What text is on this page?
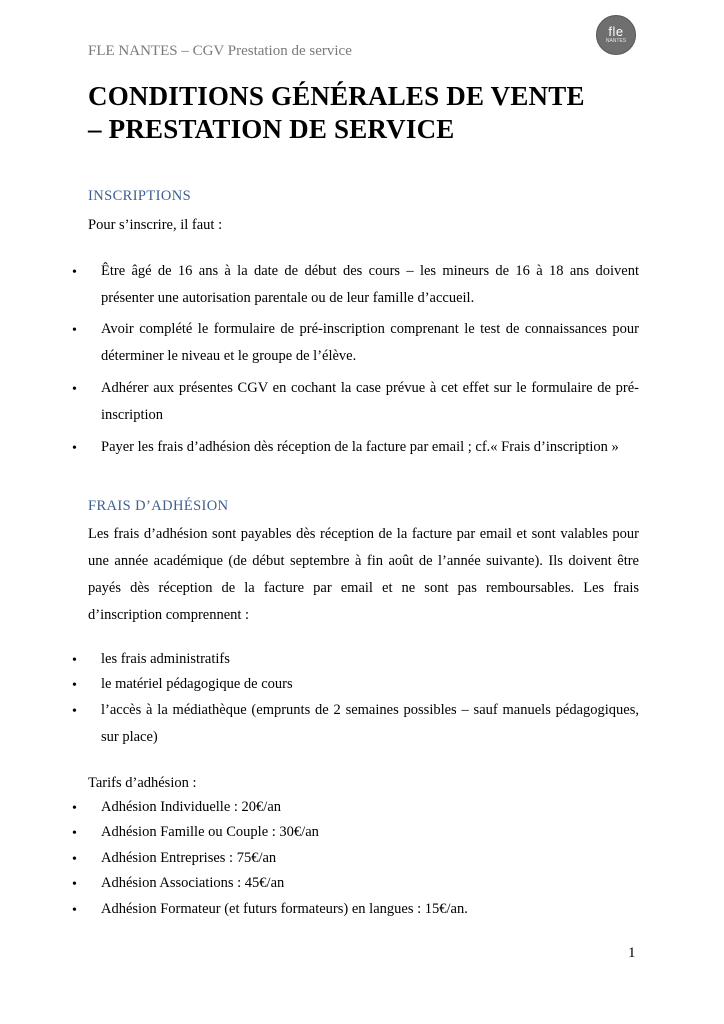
FLE NANTES – CGV Prestation de service
fle
NANTES
CONDITIONS GÉNÉRALES DE VENTE
– PRESTATION DE SERVICE
INSCRIPTIONS
Pour s’inscrire, il faut :
• Être âgé de 16 ans à la date de début des cours – les mineurs de 16 à 18 ans doivent présenter une autorisation parentale ou de leur famille d’accueil.
• Avoir complété le formulaire de pré-inscription comprenant le test de connaissances pour déterminer le niveau et le groupe de l’élève.
• Adhérer aux présentes CGV en cochant la case prévue à cet effet sur le formulaire de pré-inscription
• Payer les frais d’adhésion dès réception de la facture par email ; cf.« Frais d’inscription »
FRAIS D’ADHÉSION
Les frais d’adhésion sont payables dès réception de la facture par email et sont valables pour une année académique (de début septembre à fin août de l’année suivante). Ils doivent être payés dès réception de la facture par email et ne sont pas remboursables. Les frais d’inscription comprennent :
• les frais administratifs
• le matériel pédagogique de cours
• l’accès à la médiathèque (emprunts de 2 semaines possibles – sauf manuels pédagogiques, sur place)
Tarifs d’adhésion :
• Adhésion Individuelle : 20€/an
• Adhésion Famille ou Couple : 30€/an
• Adhésion Entreprises : 75€/an
• Adhésion Associations : 45€/an
• Adhésion Formateur (et futurs formateurs) en langues : 15€/an.
1
